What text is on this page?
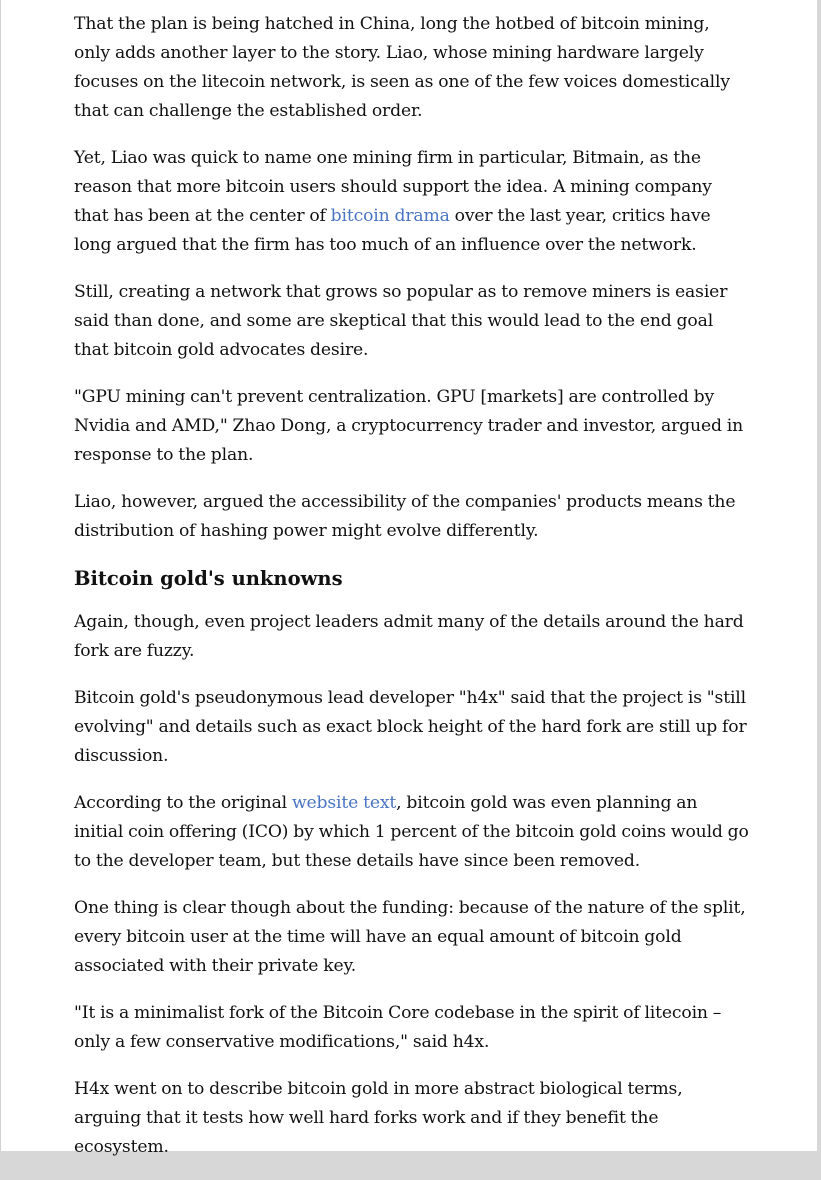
That the plan is being hatched in China, long the hotbed of bitcoin mining, only adds another layer to the story. Liao, whose mining hardware largely focuses on the litecoin network, is seen as one of the few voices domestically that can challenge the established order.

Yet, Liao was quick to name one mining firm in particular, Bitmain, as the reason that more bitcoin users should support the idea. A mining company that has been at the center of bitcoin drama over the last year, critics have long argued that the firm has too much of an influence over the network.

Still, creating a network that grows so popular as to remove miners is easier said than done, and some are skeptical that this would lead to the end goal that bitcoin gold advocates desire.

"GPU mining can't prevent centralization. GPU [markets] are controlled by Nvidia and AMD," Zhao Dong, a cryptocurrency trader and investor, argued in response to the plan.

Liao, however, argued the accessibility of the companies' products means the distribution of hashing power might evolve differently.

Bitcoin gold's unknowns

Again, though, even project leaders admit many of the details around the hard fork are fuzzy.

Bitcoin gold's pseudonymous lead developer "h4x" said that the project is "still evolving" and details such as exact block height of the hard fork are still up for discussion.

According to the original website text, bitcoin gold was even planning an initial coin offering (ICO) by which 1 percent of the bitcoin gold coins would go to the developer team, but these details have since been removed.

One thing is clear though about the funding: because of the nature of the split, every bitcoin user at the time will have an equal amount of bitcoin gold associated with their private key.

"It is a minimalist fork of the Bitcoin Core codebase in the spirit of litecoin – only a few conservative modifications," said h4x.

H4x went on to describe bitcoin gold in more abstract biological terms, arguing that it tests how well hard forks work and if they benefit the ecosystem.
